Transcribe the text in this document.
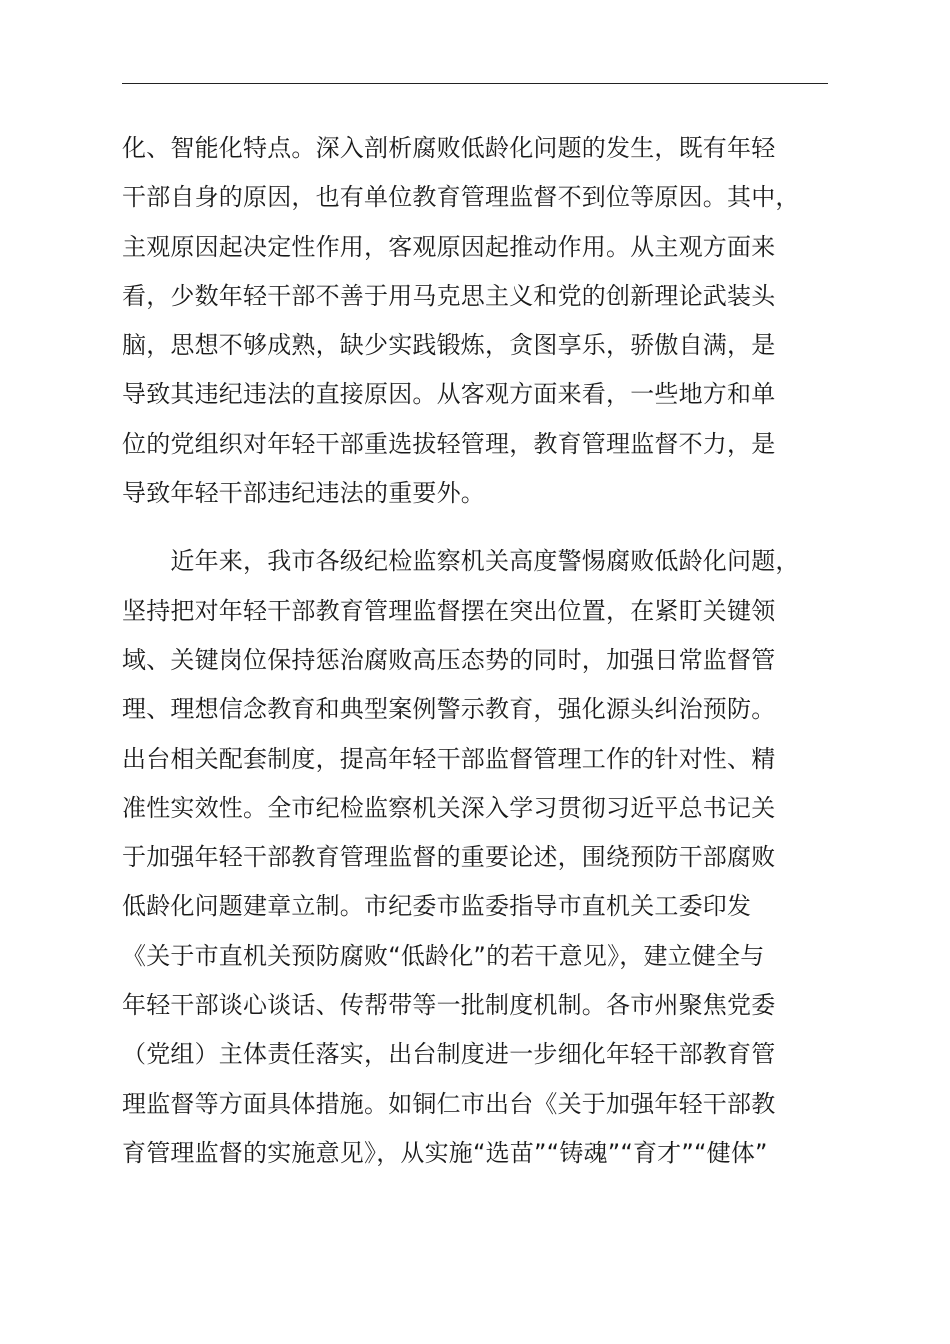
化、智能化特点。深入剖析腐败低龄化问题的发生，既有年轻
干部自身的原因，也有单位教育管理监督不到位等原因。其中，
主观原因起决定性作用，客观原因起推动作用。从主观方面来
看，少数年轻干部不善于用马克思主义和党的创新理论武装头
脑，思想不够成熟，缺少实践锻炼，贪图享乐，骄傲自满，是
导致其违纪违法的直接原因。从客观方面来看，一些地方和单
位的党组织对年轻干部重选拔轻管理，教育管理监督不力，是
导致年轻干部违纪违法的重要外。
　　近年来，我市各级纪检监察机关高度警惕腐败低龄化问题，
坚持把对年轻干部教育管理监督摆在突出位置，在紧盯关键领
域、关键岗位保持惩治腐败高压态势的同时，加强日常监督管
理、理想信念教育和典型案例警示教育，强化源头纠治预防。
出台相关配套制度，提高年轻干部监督管理工作的针对性、精
准性实效性。全市纪检监察机关深入学习贯彻习近平总书记关
于加强年轻干部教育管理监督的重要论述，围绕预防干部腐败
低龄化问题建章立制。市纪委市监委指导市直机关工委印发
《关于市直机关预防腐败“低龄化”的若干意见》，建立健全与
年轻干部谈心谈话、传帮带等一批制度机制。各市州聚焦党委
（党组）主体责任落实，出台制度进一步细化年轻干部教育管
理监督等方面具体措施。如铜仁市出台《关于加强年轻干部教
育管理监督的实施意见》，从实施“选苗”“铸魂”“育才”“健体”
